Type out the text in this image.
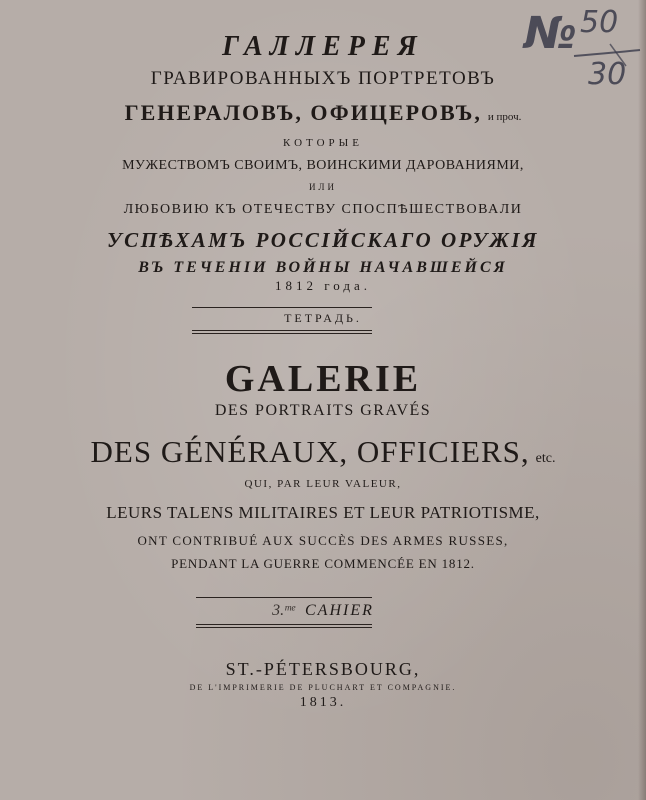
ГАЛЛЕРЕЯ
ГРАВИРОВАННЫХЪ ПОРТРЕТОВЪ
ГЕНЕРАЛОВЪ, ОФИЦЕРОВЪ, и проч.
КОТОРЫЕ
МУЖЕСТВОМЪ СВОИМЪ, ВОИНСКИМИ ДАРОВАНИЯМИ,
ИЛИ
ЛЮБОВИЮ КЪ ОТЕЧЕСТВУ СПОСПѢШЕСТВОВАЛИ
УСПѢХАМЪ РОССІЙСКАГО ОРУЖІЯ
ВЪ ТЕЧЕНІИ ВОЙНЫ НАЧАВШЕЙСЯ
1812 года.
ТЕТРАДЬ.
GALERIE
DES PORTRAITS GRAVÉS
DES GÉNÉRAUX, OFFICIERS, etc.
QUI, PAR LEUR VALEUR,
LEURS TALENS MILITAIRES ET LEUR PATRIOTISME,
ONT CONTRIBUÉ AUX SUCCÈS DES ARMES RUSSES,
PENDANT LA GUERRE COMMENCÉE EN 1812.
3.ᵐᵉ CAHIER
ST.-PÉTERSBOURG,
DE L'IMPRIMERIE DE PLUCHART ET COMPAGNIE.
1813.
№ 50
30
